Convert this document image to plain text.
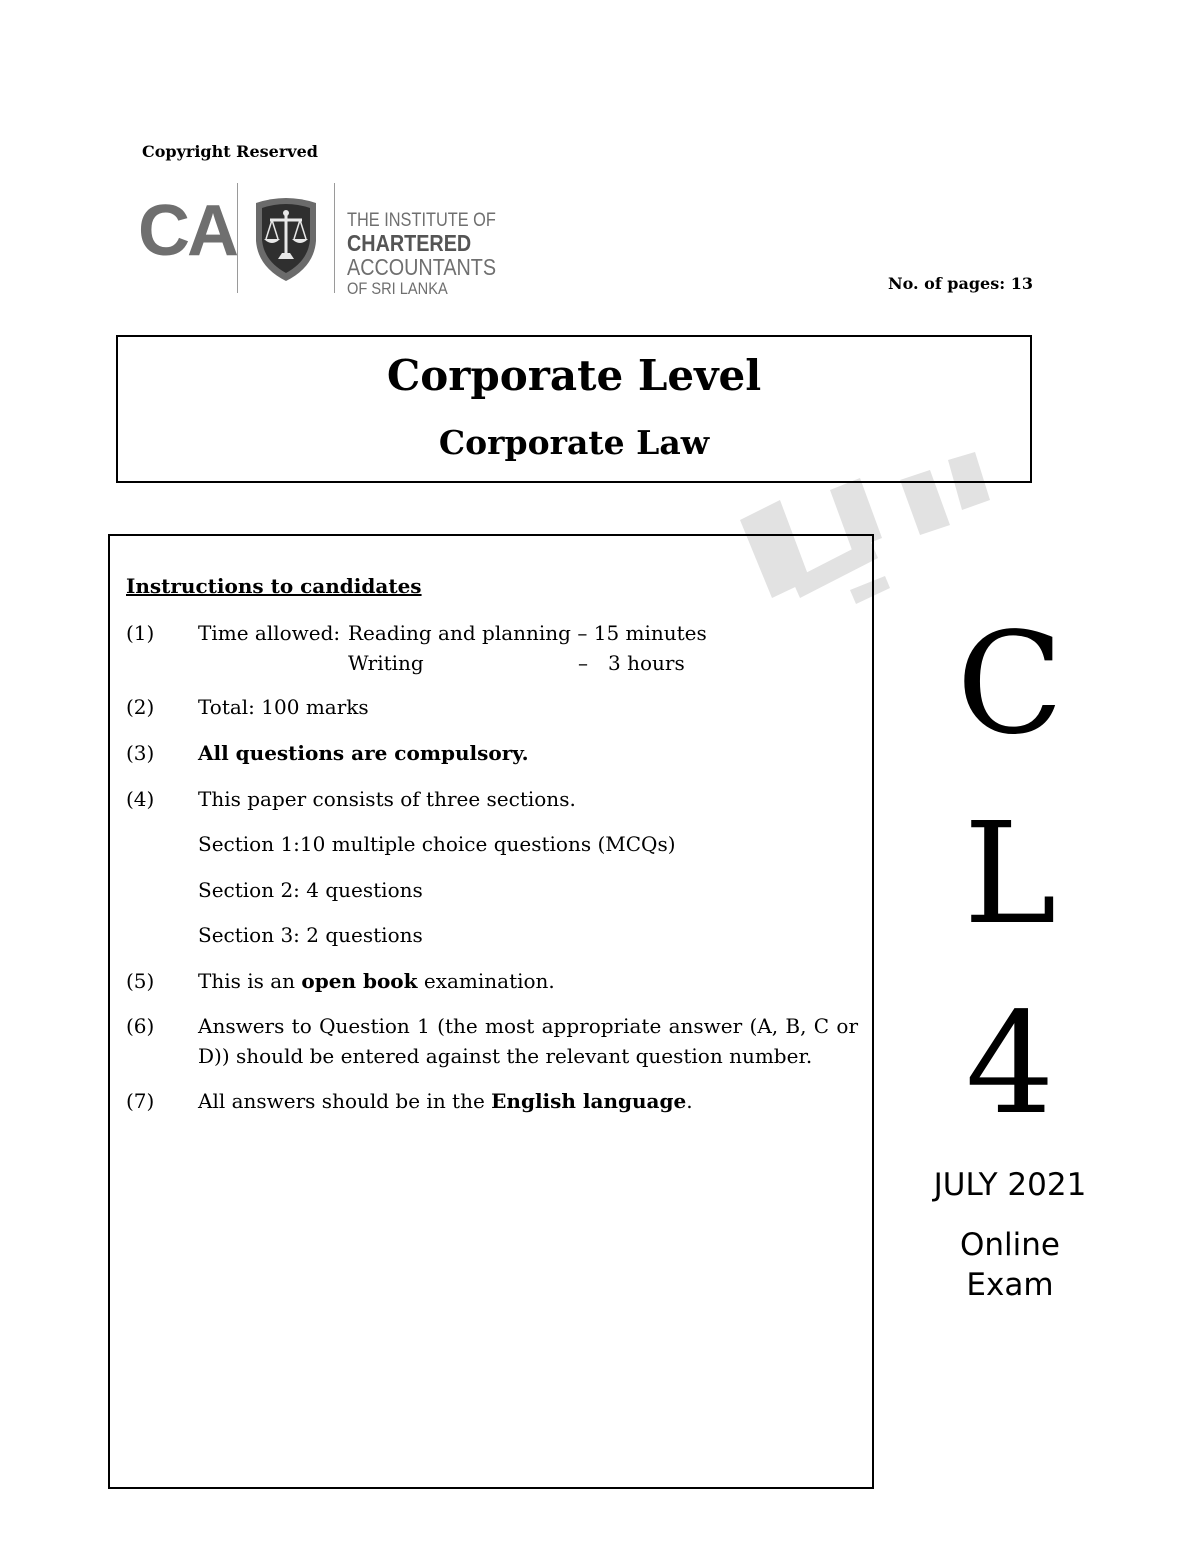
Copyright Reserved
CA	THE INSTITUTE OF
CHARTERED ACCOUNTANTS
OF SRI LANKA	No. of pages: 13
Corporate Level
Corporate Law
Instructions to candidates
(1)	Time allowed: Reading and planning – 15 minutes
Writing	– 3 hours
(2)	Total: 100 marks
(3)	All questions are compulsory.
(4)	This paper consists of three sections.
Section 1:10 multiple choice questions (MCQs)
Section 2: 4 questions
Section 3: 2 questions
(5)	This is an open book examination.
(6)	Answers to Question 1 (the most appropriate answer (A, B, C or D)) should be entered against the relevant question number.
(7)	All answers should be in the English language.
C
L
4
JULY 2021
Online
Exam
